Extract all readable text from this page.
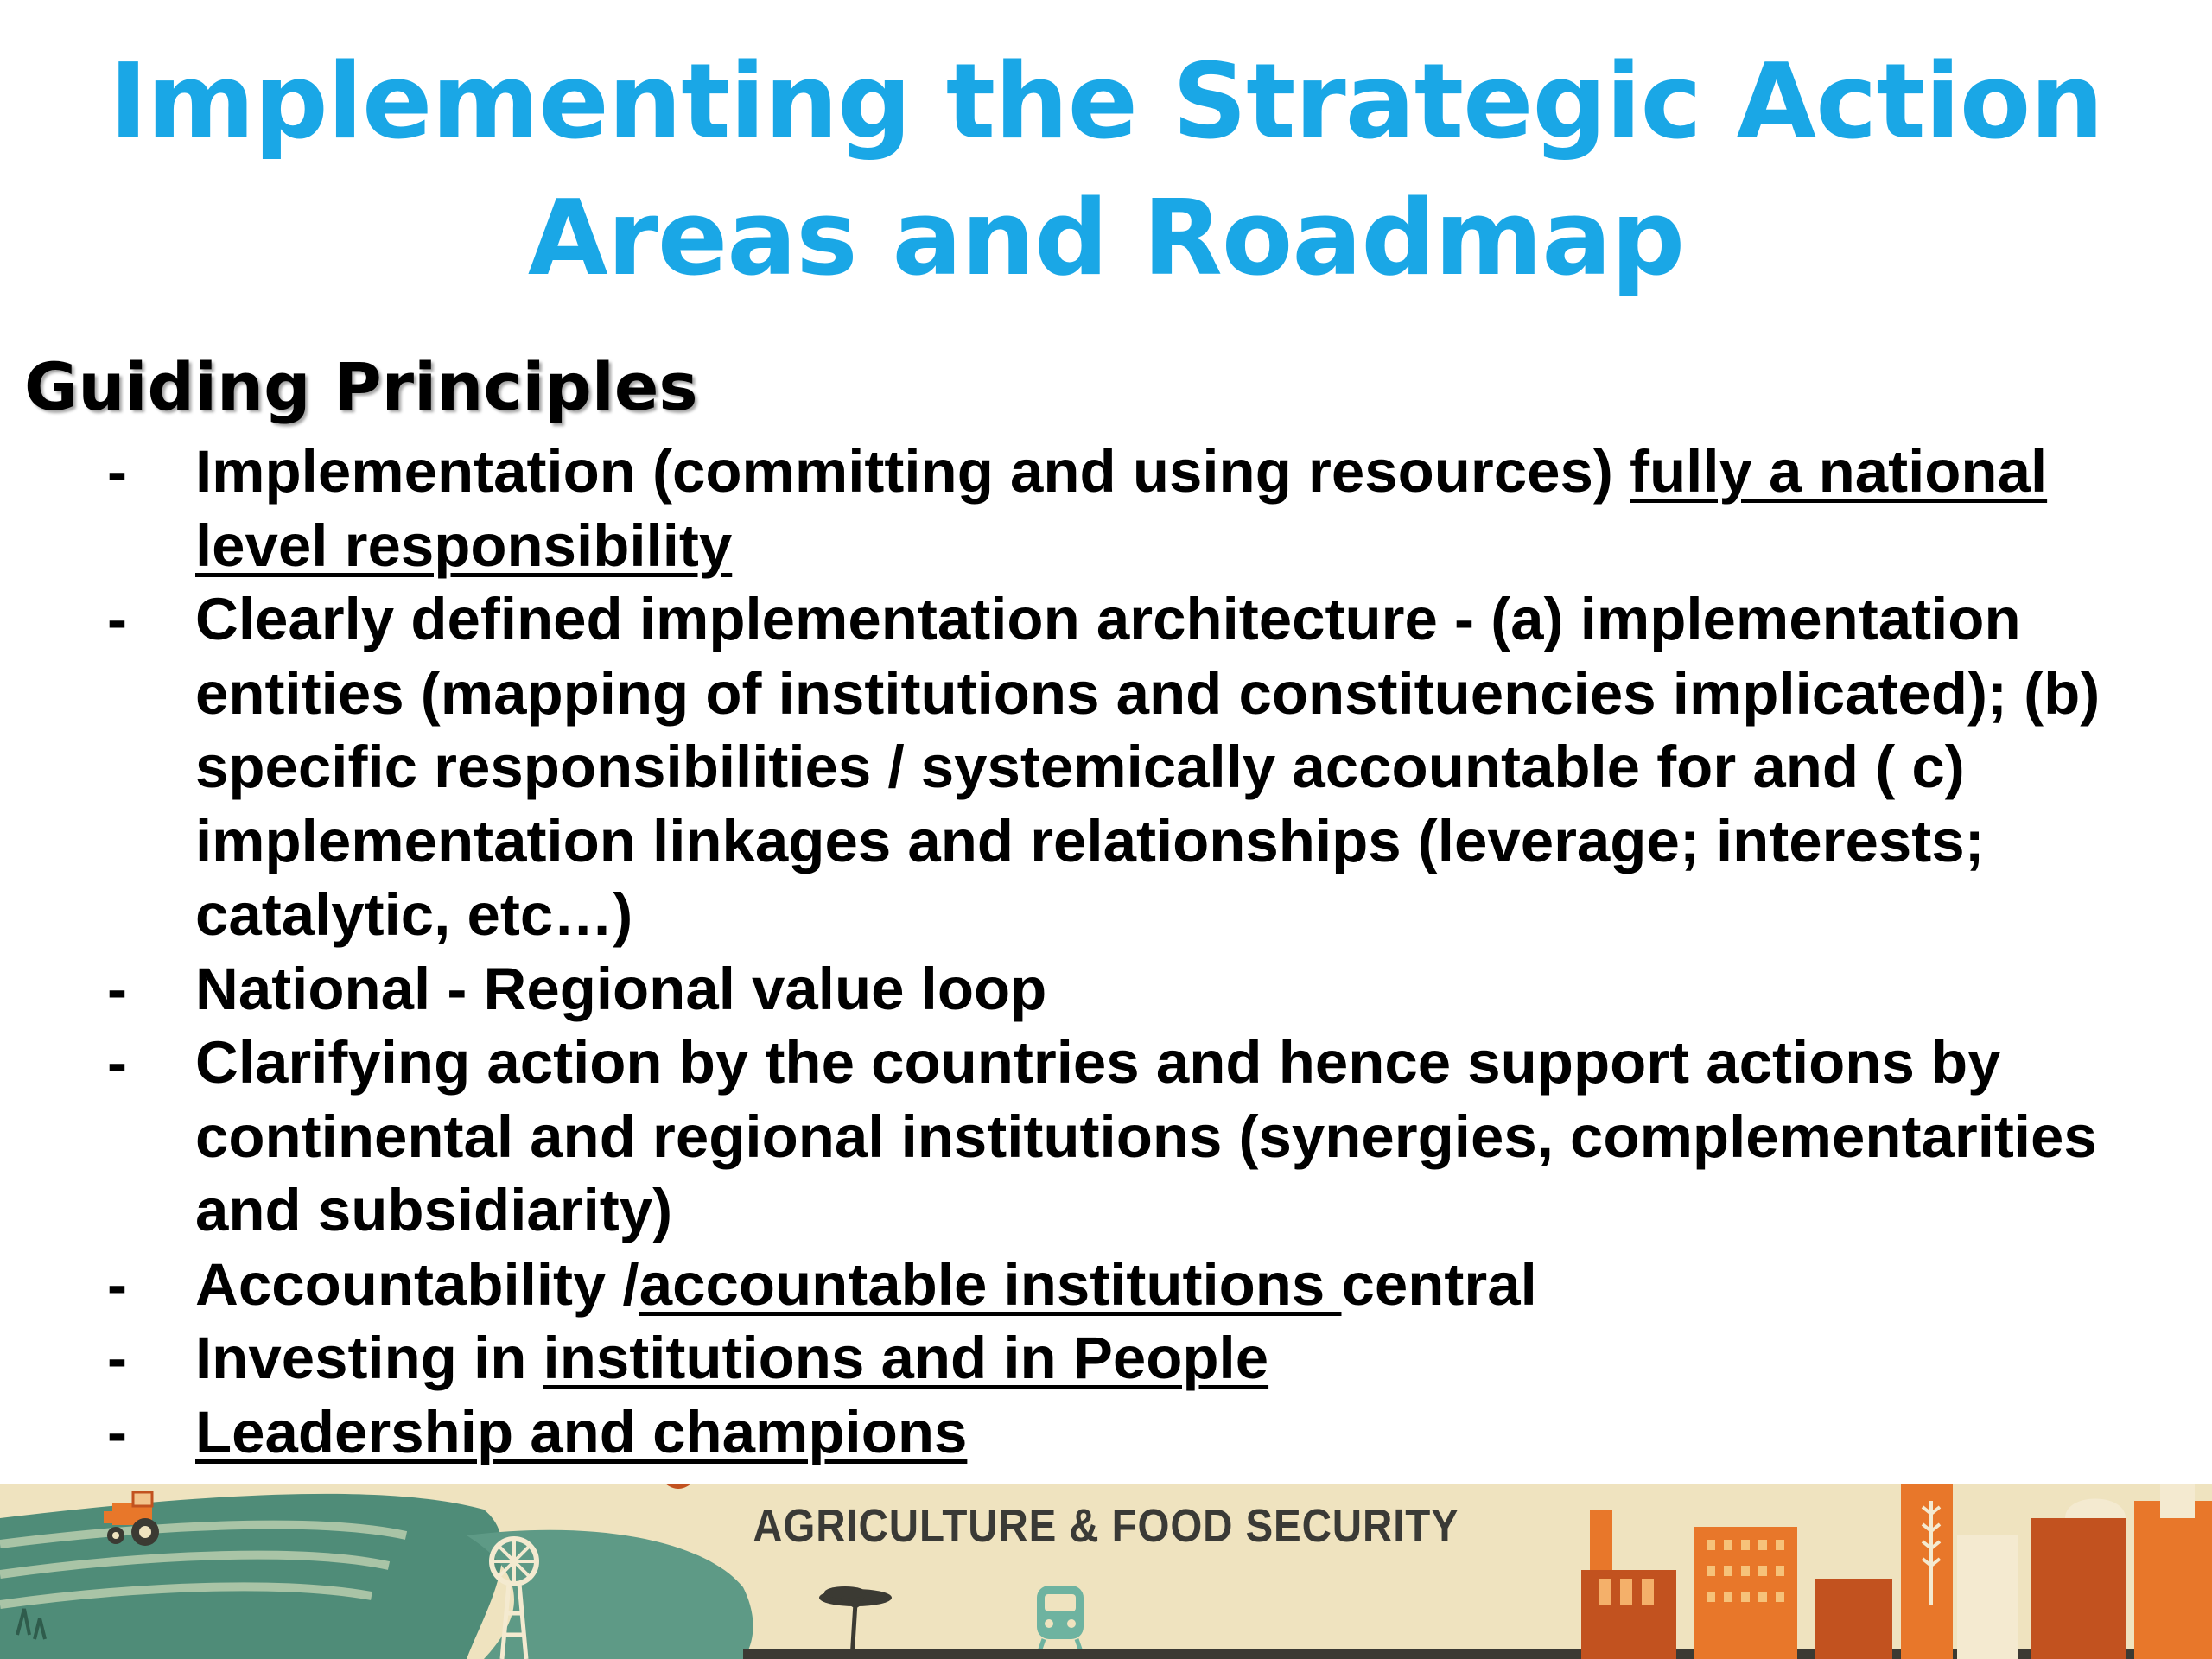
Implementing the Strategic Action
Areas and Roadmap
Guiding Principles
- Implementation (committing and using resources) fully a national level responsibility
- Clearly defined implementation architecture - (a) implementation entities (mapping of institutions and constituencies implicated); (b) specific responsibilities / systemically accountable for and ( c) implementation linkages and relationships (leverage; interests; catalytic, etc…)
- National - Regional value loop
- Clarifying action by the countries and hence support actions by continental and regional institutions (synergies, complementarities and subsidiarity)
- Accountability /accountable institutions central
- Investing in institutions and in People
- Leadership and champions
AGRICULTURE & FOOD SECURITY
